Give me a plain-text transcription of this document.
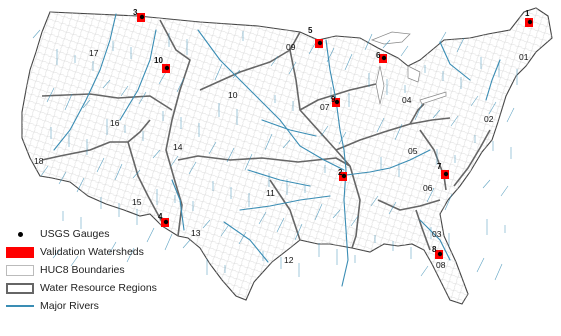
1
2
3
4
5
6
7
8
9
10	01
02
03
04
05
06
07
08
09
10
11
12
13
14
15
16
17
18
USGS Gauges
Validation Watersheds
HUC8 Boundaries
Water Resource Regions
Major Rivers
